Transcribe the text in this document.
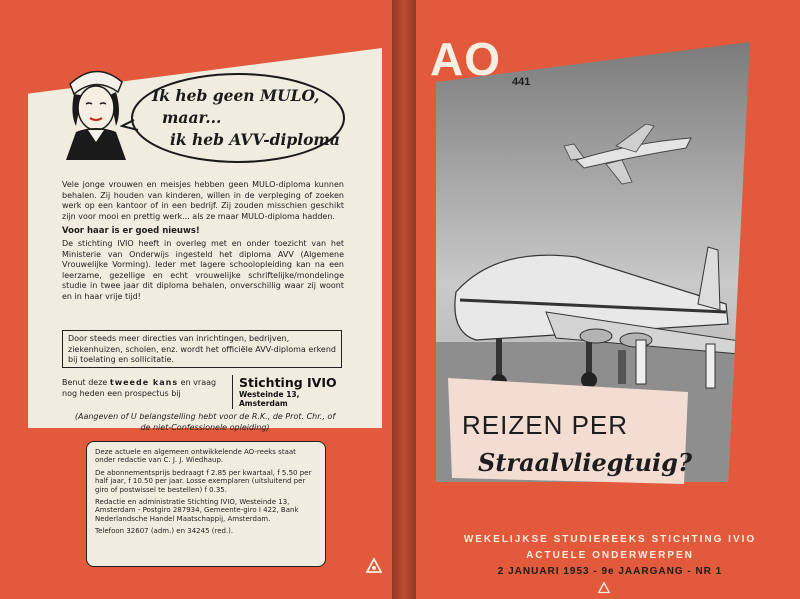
Ik heb geen MULO,
maar...
ik heb AVV-diploma
Vele jonge vrouwen en meisjes hebben geen MULO-diploma kunnen behalen. Zij houden van kinderen, willen in de verpleging of zoeken werk op een kantoor of in een bedrijf. Zij zouden misschien geschikt zijn voor mooi en prettig werk... als ze maar MULO-diploma hadden.
Voor haar is er goed nieuws!
De stichting IVIO heeft in overleg met en onder toezicht van het Ministerie van Onderwijs ingesteld het diploma AVV (Algemene Vrouwelijke Vorming). Ieder met lagere schoolopleiding kan na een leerzame, gezellige en echt vrouwelijke schriftelijke/mondelinge studie in twee jaar dit diploma behalen, onverschillig waar zij woont en in haar vrije tijd!
Door steeds meer directies van inrichtingen, bedrijven, ziekenhuizen, scholen, enz. wordt het officiële AVV-diploma erkend bij toelating en sollicitatie.
Benut deze tweede kans en vraag nog heden een prospectus bij
Stichting IVIO
Westeinde 13,
Amsterdam
(Aangeven of U belangstelling hebt voor de R.K., de Prot. Chr., of de niet-Confessionele opleiding)

Deze actuele en algemeen ontwikkelende AO-reeks staat onder redactie van C. J. J. Wiedhaup.

De abonnementsprijs bedraagt f 2.85 per kwartaal, f 5.50 per half jaar, f 10.50 per jaar. Losse exemplaren (uitsluitend per giro of postwissel te bestellen) f 0.35.

Redactie en administratie Stichting IVIO, Westeinde 13, Amsterdam - Postgiro 287934, Gemeente-giro I 422, Bank Nederlandsche Handel Maatschappij, Amsterdam.

Telefoon 32607 (adm.) en 34245 (red.).

AO 441
REIZEN PER
Straalvliegtuig?
WEKELIJKSE STUDIEREEKS STICHTING IVIO
ACTUELE ONDERWERPEN
2 JANUARI 1953 - 9e JAARGANG - NR 1
